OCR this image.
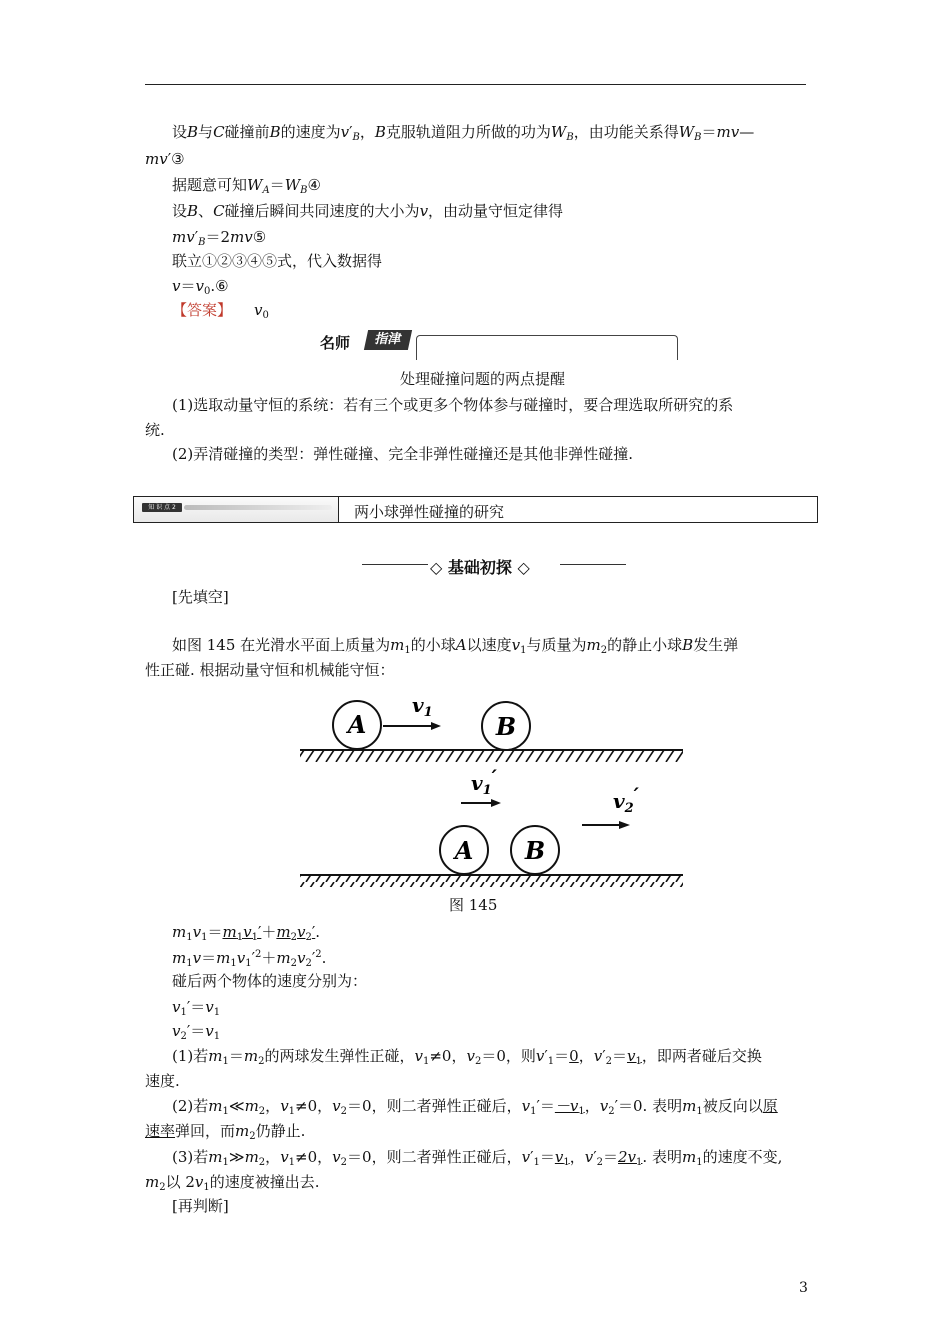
设B与C碰撞前B的速度为$v'_B$，B克服轨道阻力所做的功为$W_B$，由功能关系得$W_B=mv—$
mv′③
据题意可知$W_A=W_B④$
设B、C碰撞后瞬间共同速度的大小为v，由动量守恒定律得
$mv'_B=2mv⑤$
联立①②③④⑤式，代入数据得
$v=v_0.⑥$
【答案】 $v_0$
名师	指津
处理碰撞问题的两点提醒
(1)选取动量守恒的系统：若有三个或更多个物体参与碰撞时，要合理选取所研究的系
统.
(2)弄清碰撞的类型：弹性碰撞、完全非弹性碰撞还是其他非弹性碰撞.
知 识 点 2	两小球弹性碰撞的研究
◇ 基础初探 ◇
[先填空]
如图 145 在光滑水平面上质量为$m_1$的小球A以速度$v_1$与质量为$m_2$的静止小球B发生弹
性正碰. 根据动量守恒和机械能守恒：
A
$v_1$	B
$v_1'$
$v_2'$
A B
图 145
$m_1v_1=m_1v_1'+m_2v_2'$.
$m_1v=m_1v_1'^2+m_2v_2'^2$.
碰后两个物体的速度分别为：
$v_1'=v_1$
$v_2'=v_1$
(1)若$m_1=m_2$的两球发生弹性正碰，$v_1\ne 0$，$v_2=0$，则$v'_1=0$，$v'_2=v_1$，即两者碰后交换
速度.
(2)若$m_1≪m_2$，$v_1\ne 0$，$v_2=0$，则二者弹性正碰后，$v_1'=-v_1$，$v_2'=0$. 表明$m_1$被反向以原
速率弹回，而$m_2$仍静止.
(3)若$m_1≫m_2$，$v_1\ne 0$，$v_2=0$，则二者弹性正碰后，$v'_1=v_1$，$v'_2=2v_1$. 表明$m_1$的速度不变,
$m_2$以 $2v_1$的速度被撞出去.
[再判断]
3
